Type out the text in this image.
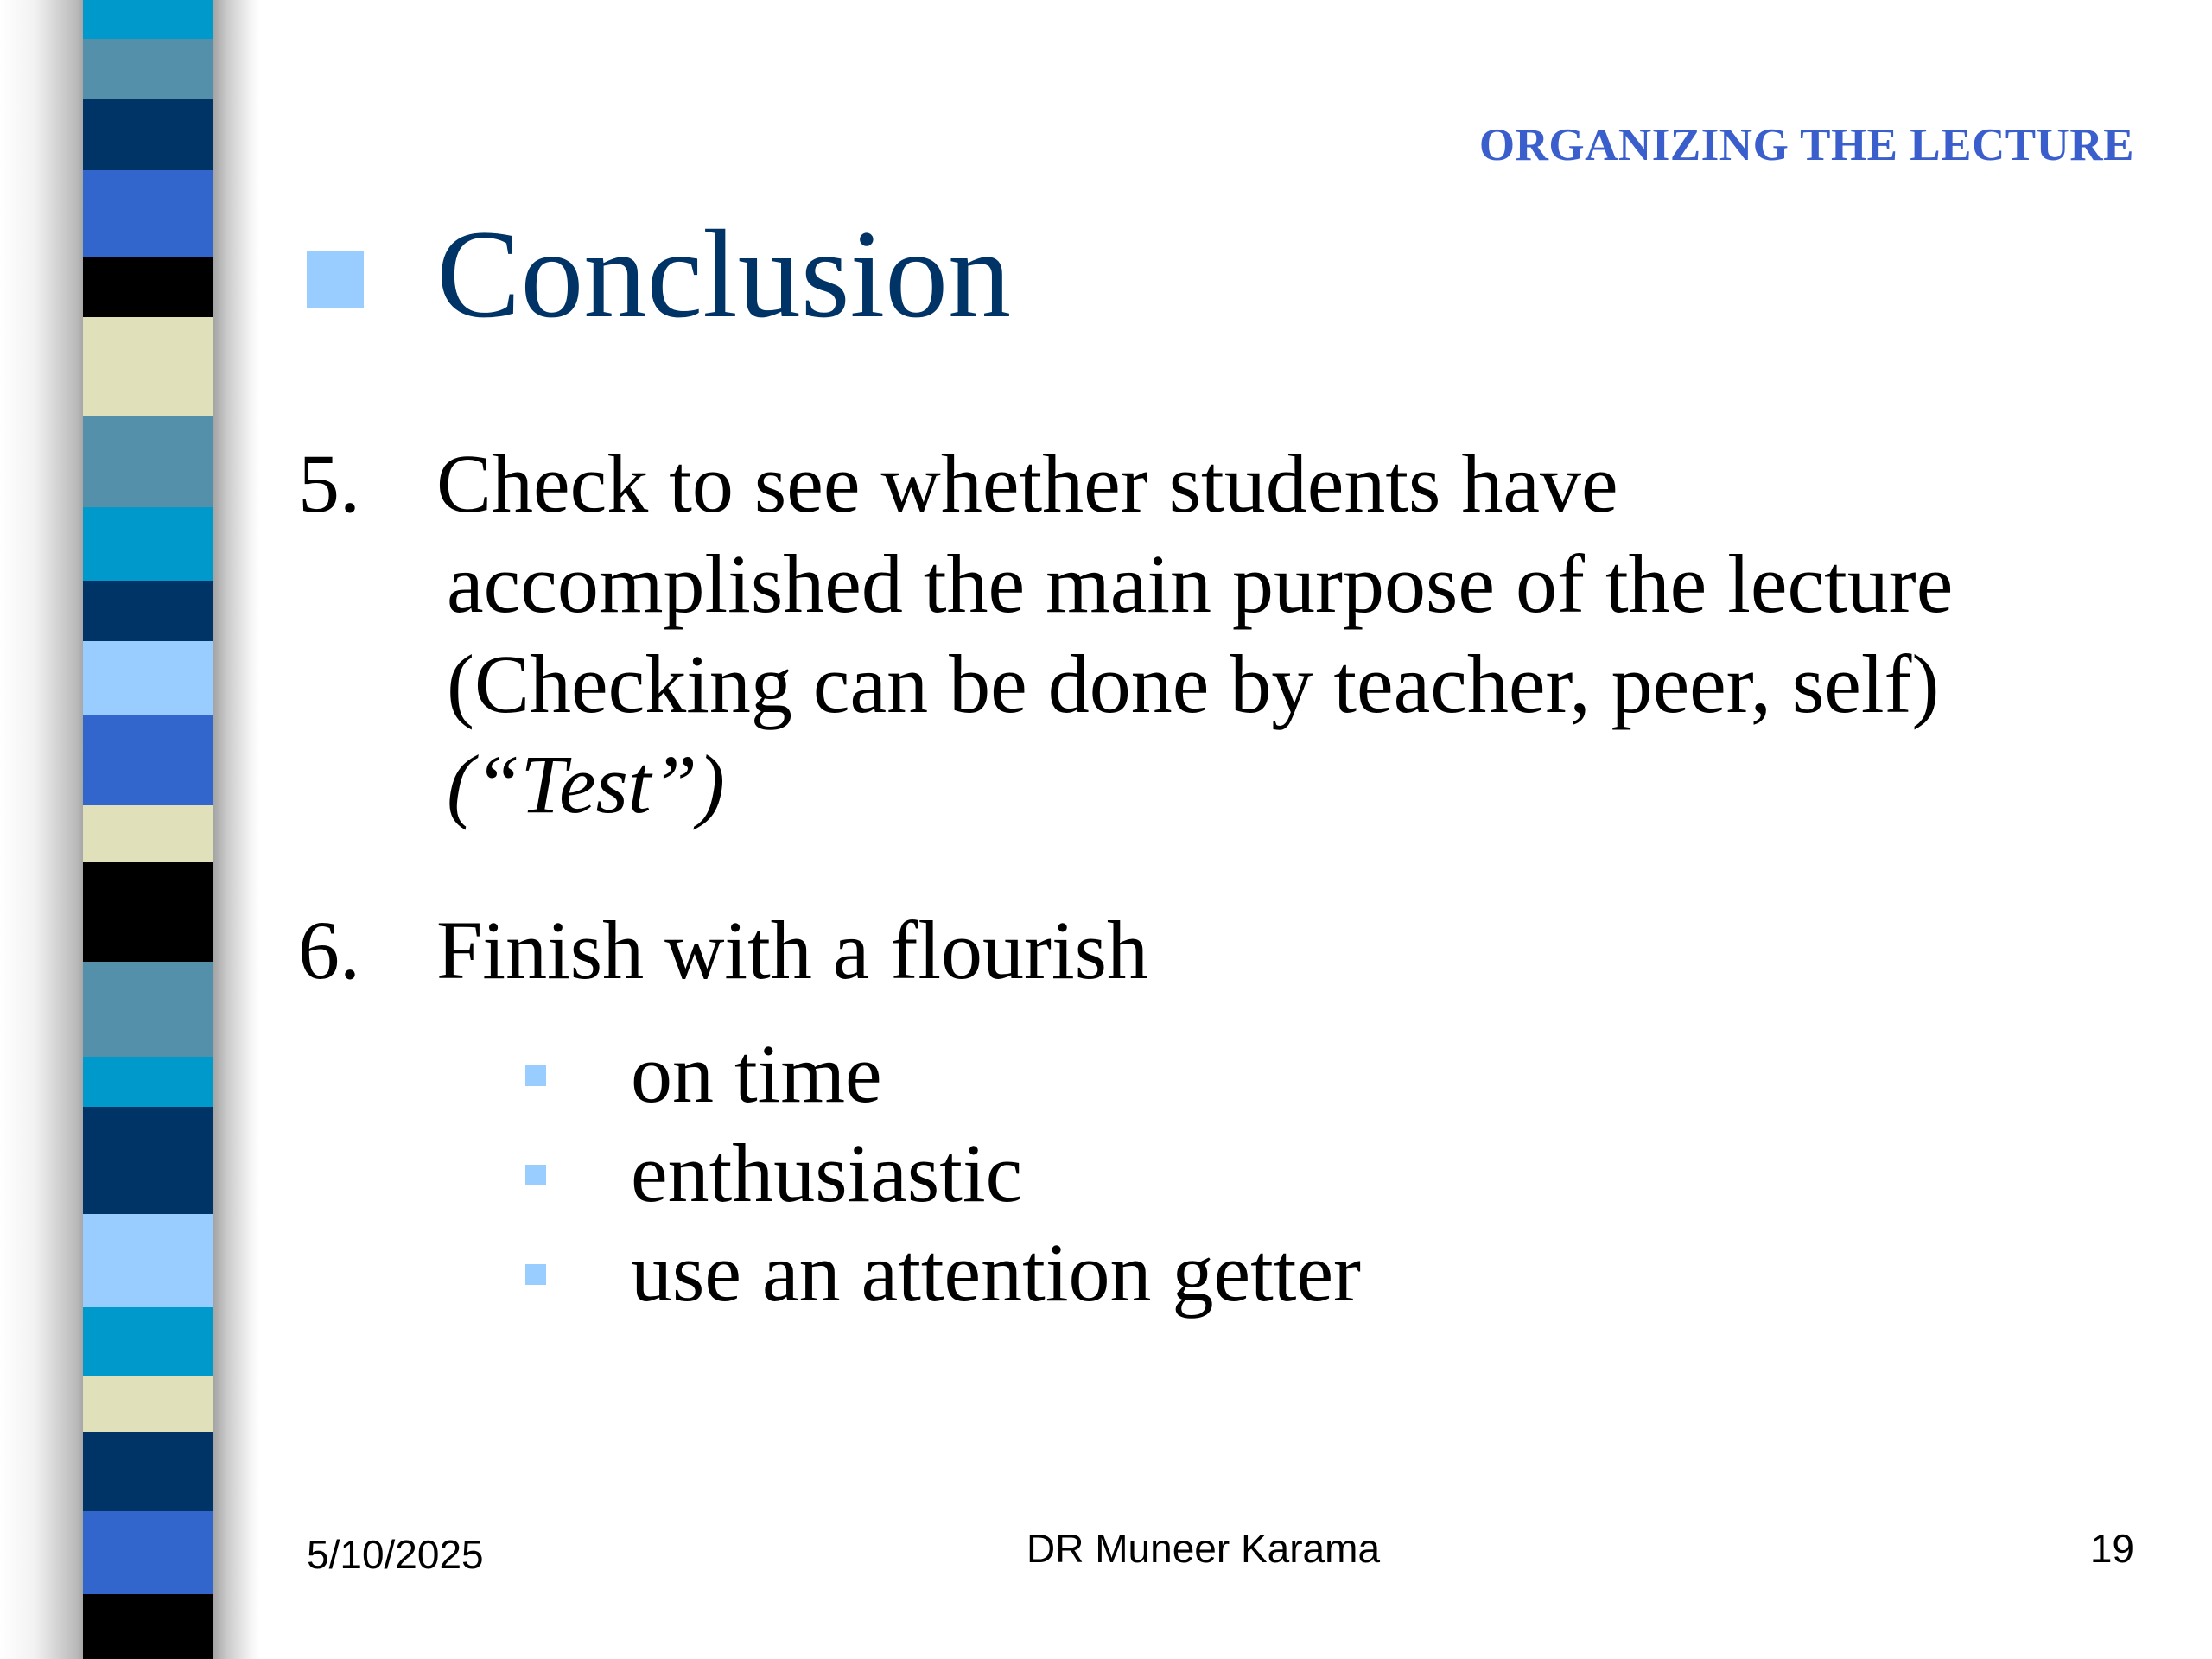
ORGANIZING THE LECTURE
Conclusion
5. Check to see whether students have
accomplished the main purpose of the lecture
(Checking can be done by teacher, peer, self)
(“Test”)
6. Finish with a flourish
on time
enthusiastic
use an attention getter
5/10/2025	DR Muneer Karama	19
